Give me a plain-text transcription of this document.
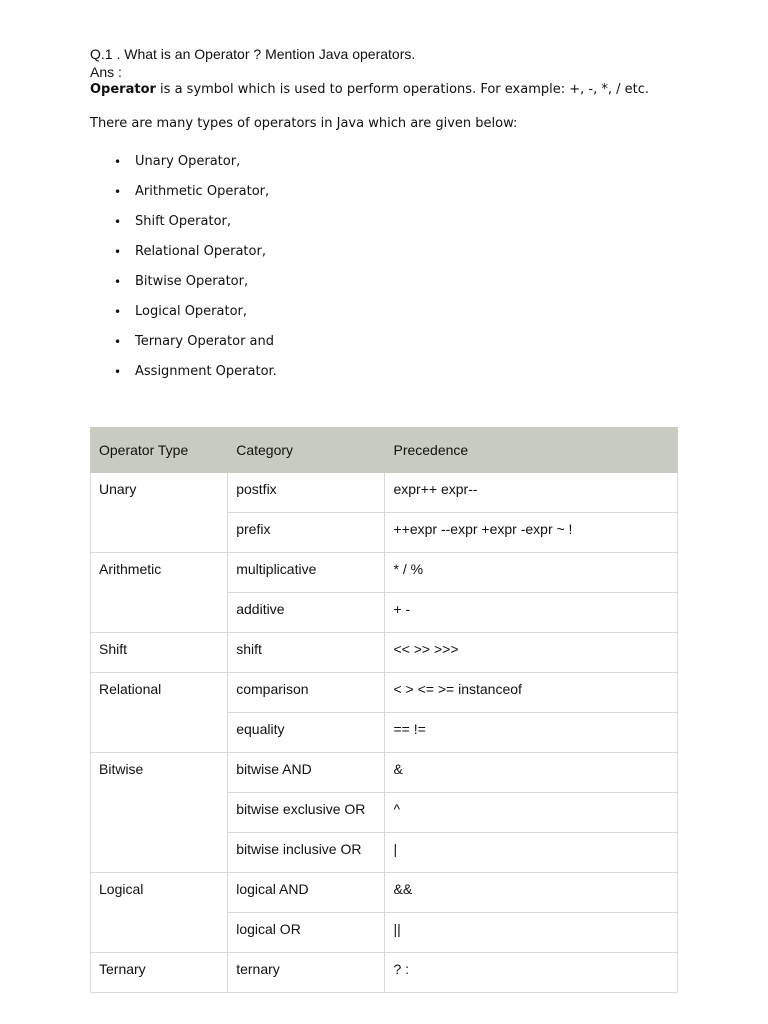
Q.1 . What is an Operator ? Mention Java operators.

Ans :

Operator is a symbol which is used to perform operations. For example: +, -, *, / etc.

There are many types of operators in Java which are given below:

• Unary Operator,
• Arithmetic Operator,
• Shift Operator,
• Relational Operator,
• Bitwise Operator,
• Logical Operator,
• Ternary Operator and
• Assignment Operator.
Operator Type	Category	Precedence
Unary	postfix	expr++ expr--
	prefix	++expr --expr +expr -expr ~ !
Arithmetic	multiplicative	* / %
	additive	+ -
Shift	shift	<< >> >>>
Relational	comparison	< > <= >= instanceof
	equality	== !=
Bitwise	bitwise AND	&
	bitwise exclusive OR	^
	bitwise inclusive OR	|
Logical	logical AND	&&
	logical OR	||
Ternary	ternary	? :
